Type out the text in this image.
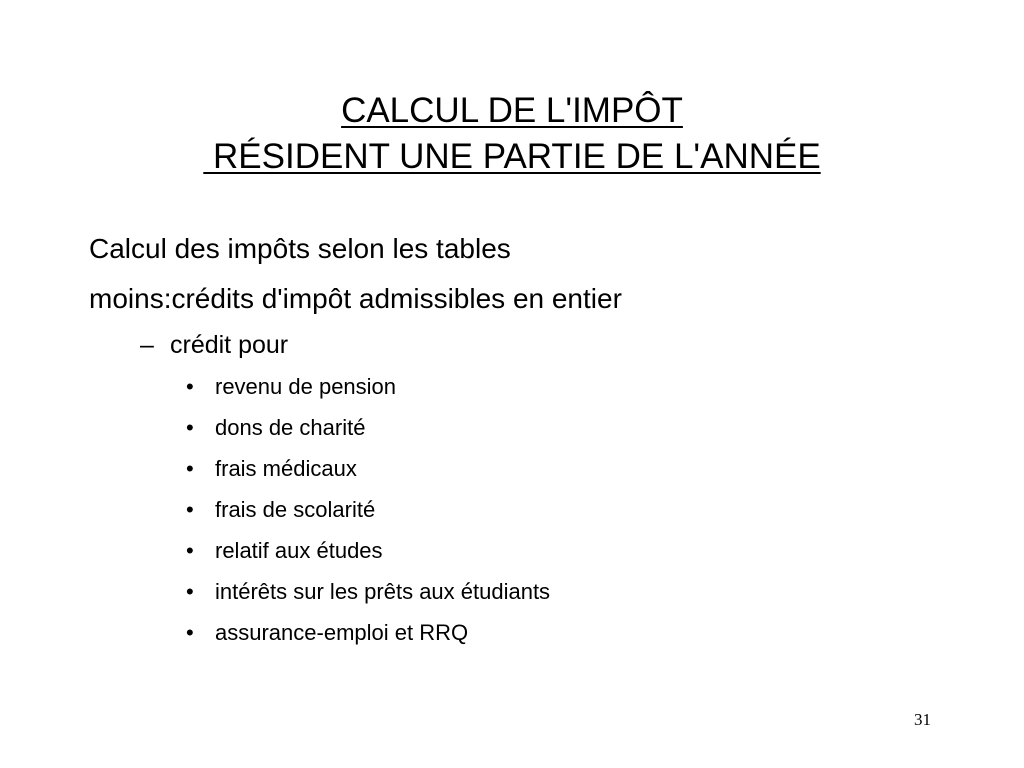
CALCUL DE L'IMPÔT
RÉSIDENT UNE PARTIE DE L'ANNÉE
Calcul des impôts selon les tables
moins:crédits d'impôt admissibles en entier
– crédit pour
• revenu de pension
• dons de charité
• frais médicaux
• frais de scolarité
• relatif aux études
• intérêts sur les prêts aux étudiants
• assurance-emploi et RRQ
31
